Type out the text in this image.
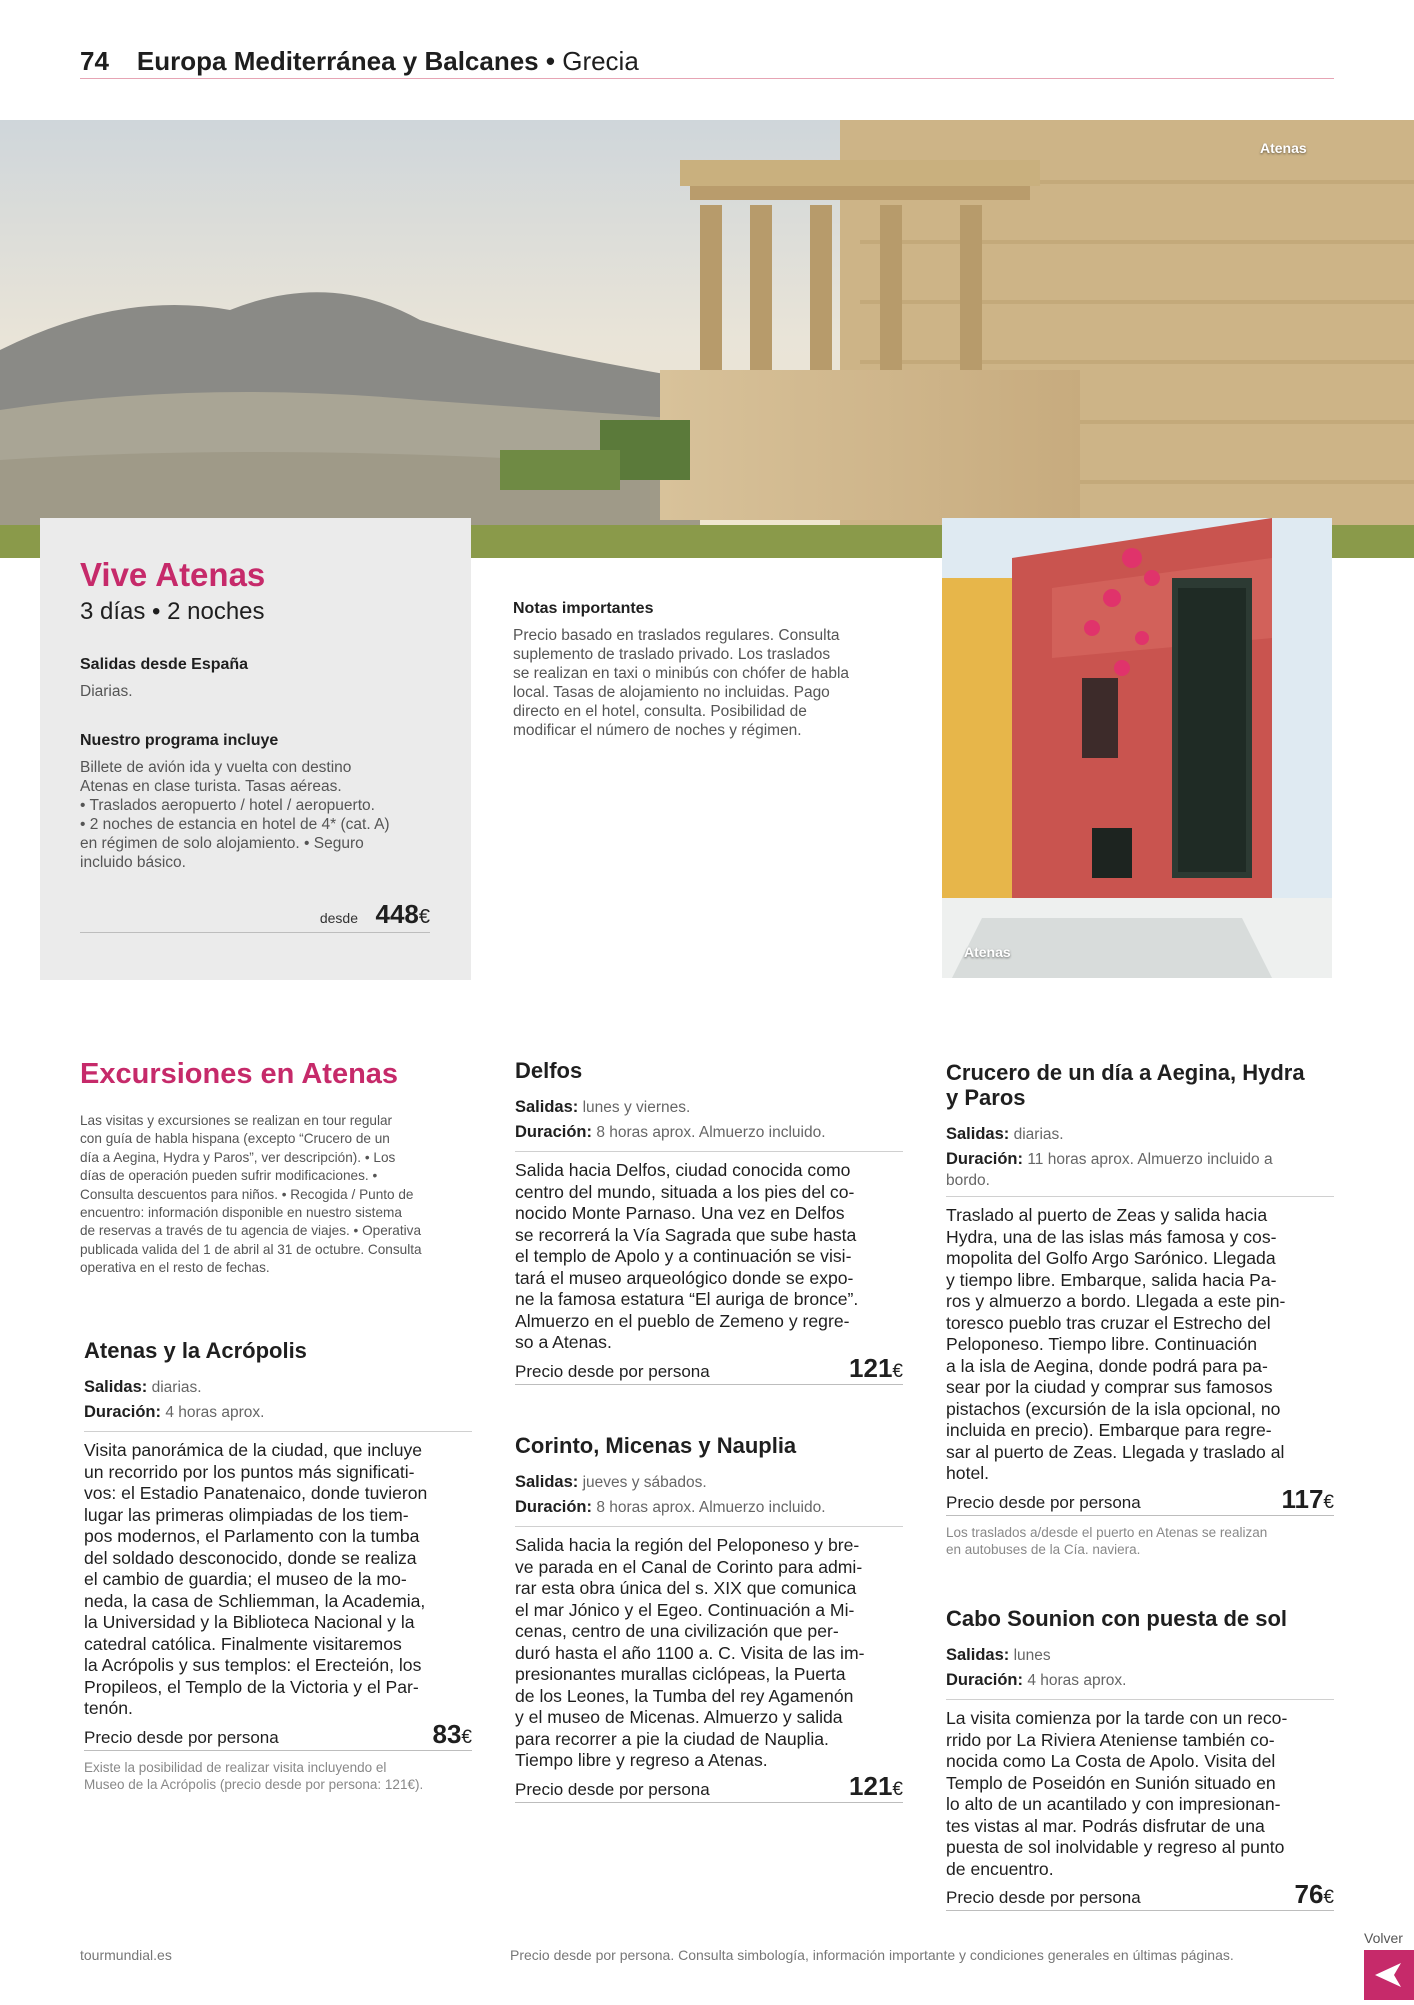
74 Europa Mediterránea y Balcanes • Grecia
Atenas
Vive Atenas
3 días • 2 noches
Salidas desde España
Diarias.
Nuestro programa incluye
Billete de avión ida y vuelta con destino
Atenas en clase turista. Tasas aéreas.
• Traslados aeropuerto / hotel / aeropuerto.
• 2 noches de estancia en hotel de 4* (cat. A)
en régimen de solo alojamiento. • Seguro
incluido básico.
desde 448€
Notas importantes
Precio basado en traslados regulares. Consulta
suplemento de traslado privado. Los traslados
se realizan en taxi o minibús con chófer de habla
local. Tasas de alojamiento no incluidas. Pago
directo en el hotel, consulta. Posibilidad de
modificar el número de noches y régimen.
Atenas
Excursiones en Atenas
Las visitas y excursiones se realizan en tour regular
con guía de habla hispana (excepto “Crucero de un
día a Aegina, Hydra y Paros”, ver descripción). • Los
días de operación pueden sufrir modificaciones. •
Consulta descuentos para niños. • Recogida / Punto de
encuentro: información disponible en nuestro sistema
de reservas a través de tu agencia de viajes. • Operativa
publicada valida del 1 de abril al 31 de octubre. Consulta
operativa en el resto de fechas.
Atenas y la Acrópolis
Salidas: diarias.
Duración: 4 horas aprox.
Visita panorámica de la ciudad, que incluye
un recorrido por los puntos más significati-
vos: el Estadio Panatenaico, donde tuvieron
lugar las primeras olimpiadas de los tiem-
pos modernos, el Parlamento con la tumba
del soldado desconocido, donde se realiza
el cambio de guardia; el museo de la mo-
neda, la casa de Schliemman, la Academia,
la Universidad y la Biblioteca Nacional y la
catedral católica. Finalmente visitaremos
la Acrópolis y sus templos: el Erecteión, los
Propileos, el Templo de la Victoria y el Par-
tenón.
Precio desde por persona	83€
Existe la posibilidad de realizar visita incluyendo el
Museo de la Acrópolis (precio desde por persona: 121€).
Delfos
Salidas: lunes y viernes.
Duración: 8 horas aprox. Almuerzo incluido.
Salida hacia Delfos, ciudad conocida como
centro del mundo, situada a los pies del co-
nocido Monte Parnaso. Una vez en Delfos
se recorrerá la Vía Sagrada que sube hasta
el templo de Apolo y a continuación se visi-
tará el museo arqueológico donde se expo-
ne la famosa estatura “El auriga de bronce”.
Almuerzo en el pueblo de Zemeno y regre-
so a Atenas.
Precio desde por persona	121€
Corinto, Micenas y Nauplia
Salidas: jueves y sábados.
Duración: 8 horas aprox. Almuerzo incluido.
Salida hacia la región del Peloponeso y bre-
ve parada en el Canal de Corinto para admi-
rar esta obra única del s. XIX que comunica
el mar Jónico y el Egeo. Continuación a Mi-
cenas, centro de una civilización que per-
duró hasta el año 1100 a. C. Visita de las im-
presionantes murallas ciclópeas, la Puerta
de los Leones, la Tumba del rey Agamenón
y el museo de Micenas. Almuerzo y salida
para recorrer a pie la ciudad de Nauplia.
Tiempo libre y regreso a Atenas.
Precio desde por persona	121€
Crucero de un día a Aegina, Hydra
y Paros
Salidas: diarias.
Duración: 11 horas aprox. Almuerzo incluido a
bordo.
Traslado al puerto de Zeas y salida hacia
Hydra, una de las islas más famosa y cos-
mopolita del Golfo Argo Sarónico. Llegada
y tiempo libre. Embarque, salida hacia Pa-
ros y almuerzo a bordo. Llegada a este pin-
toresco pueblo tras cruzar el Estrecho del
Peloponeso. Tiempo libre. Continuación
a la isla de Aegina, donde podrá para pa-
sear por la ciudad y comprar sus famosos
pistachos (excursión de la isla opcional, no
incluida en precio). Embarque para regre-
sar al puerto de Zeas. Llegada y traslado al
hotel.
Precio desde por persona	117€
Los traslados a/desde el puerto en Atenas se realizan
en autobuses de la Cía. naviera.
Cabo Sounion con puesta de sol
Salidas: lunes
Duración: 4 horas aprox.
La visita comienza por la tarde con un reco-
rrido por La Riviera Ateniense también co-
nocida como La Costa de Apolo. Visita del
Templo de Poseidón en Sunión situado en
lo alto de un acantilado y con impresionan-
tes vistas al mar. Podrás disfrutar de una
puesta de sol inolvidable y regreso al punto
de encuentro.
Precio desde por persona	76€
tourmundial.es	Precio desde por persona. Consulta simbología, información importante y condiciones generales en últimas páginas.
Volver
